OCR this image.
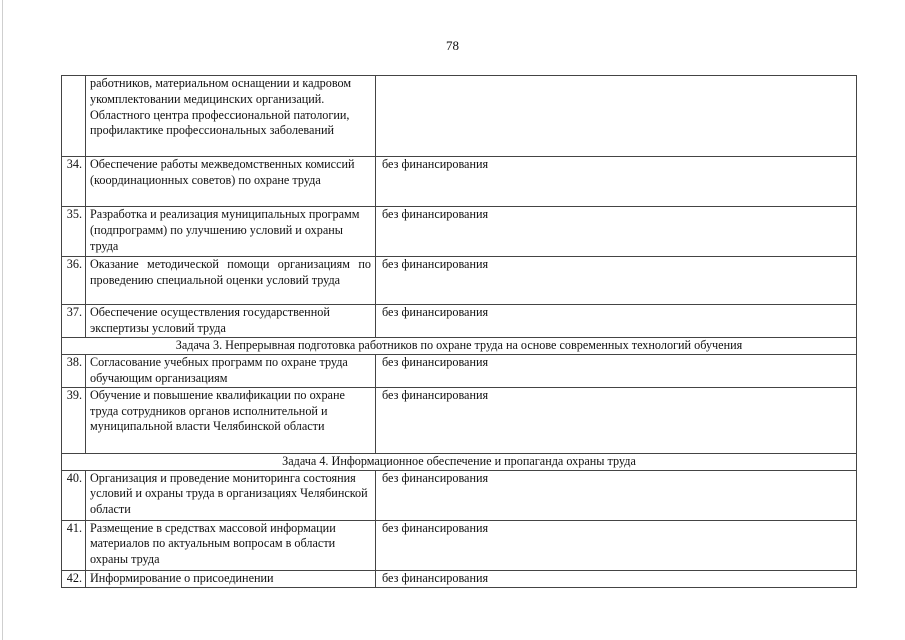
78
	работников, материальном оснащении и кадровом укомплектовании медицинских организаций. Областного центра профессиональной патологии, профилактике профессиональных заболеваний	
34.	Обеспечение работы межведомственных комиссий (координационных советов) по охране труда	без финансирования
35.	Разработка и реализация муниципальных программ (подпрограмм) по улучшению условий и охраны труда	без финансирования
36.	Оказание методической помощи организациям по проведению специальной оценки условий труда	без финансирования
37.	Обеспечение осуществления государственной экспертизы условий труда	без финансирования
Задача 3. Непрерывная подготовка работников по охране труда на основе современных технологий обучения		
38.	Согласование учебных программ по охране труда обучающим организациям	без финансирования
39.	Обучение и повышение квалификации по охране труда сотрудников органов исполнительной и муниципальной власти Челябинской области	без финансирования
Задача 4. Информационное обеспечение и пропаганда охраны труда		
40.	Организация и проведение мониторинга состояния условий и охраны труда в организациях Челябинской области	без финансирования
41.	Размещение в средствах массовой информации материалов по актуальным вопросам в области охраны труда	без финансирования
42.	Информирование о присоединении	без финансирования
